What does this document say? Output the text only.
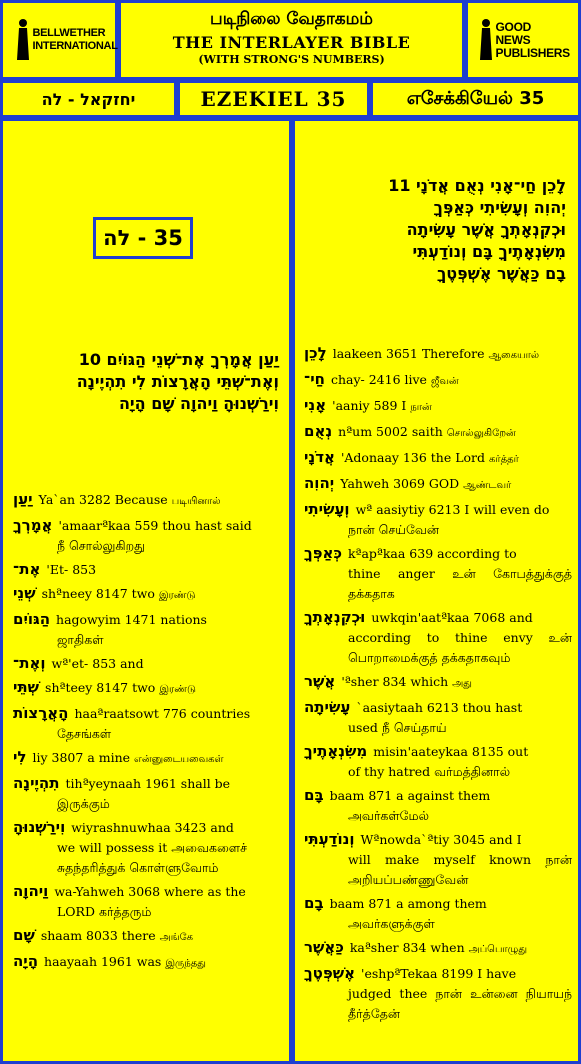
BELLWETHER INTERNATIONAL
படிநிலை வேதாகமம்
THE INTERLAYER BIBLE
(WITH STRONG'S NUMBERS)
GOOD NEWS PUBLISHERS
יחזקאל - לה	EZEKIEL 35	எசேக்கியேல் 35
35 - לה
יַעַן אֲמָרְךָ אֶת־שְׁנֵי הַגּוֹיִם 10
וְאֶת־שְׁתֵּי הָאֲרָצוֹת לִי תִהְיֶינָה
וִירַשְׁנוּהָ וַיהוָה שָׁם הָיָה
יַעַן Ya`an 3282 Because படியினால்
אֲמָרְךָ 'amaarªkaa 559 thou hast said
நீ சொல்லுகிறது
אֶת־ 'Et- 853
שְׁנֵי shªneey 8147 two இரண்டு
הַגּוֹיִם hagowyim 1471 nations
ஜாதிகள்
וְאֶת־ wª'et- 853 and
שְׁתֵּי shªteey 8147 two இரண்டு
הָאֲרָצוֹת haaªraatsowt 776 countries
தேசங்கள்
לִי liy 3807 a mine என்னுடையவைகள்
תִהְיֶינָה tihªyeynaah 1961 shall be
இருக்கும்
וִירַשְׁנוּהָ wiyrashnuwhaa 3423 and
we will possess it அவைகளைச் சுதந்தரித்துக் கொள்ளுவோம்
וַיהוָה wa-Yahweh 3068 where as the
LORD கர்த்தரும்
שָׁם shaam 8033 there அங்கே
הָיָה haayaah 1961 was இருந்தது
לָכֵן חַי־אָנִי נְאֻם אֲדֹנָי 11
יְהוִה וְעָשִׂיתִי כְּאַפְּךָ
וּכְקִנְאָתְךָ אֲשֶׁר עָשִׂיתָה
מִשִּׂנְאָתֶיךָ בָּם וְנוֹדַעְתִּי
בָם כַּאֲשֶׁר אֶשְׁפְּטֶךָ
לָכֵן laakeen 3651 Therefore ஆகையால்
חַי־ chay- 2416 live ஜீவன்
אָנִי 'aaniy 589 I நான்
נְאֻם nªum 5002 saith சொல்லுகிறேன்
אֲדֹנָי 'Adonaay 136 the Lord கர்த்தர்
יְהוִה Yahweh 3069 GOD ஆண்டவர்
וְעָשִׂיתִי wª aasiytiy 6213 I will even do
நான் செய்வேன்
כְּאַפְּךָ kªapªkaa 639 according to
thine anger உன் கோபத்துக்குத் தக்கதாக
וּכְקִנְאָתְךָ uwkqin'aatªkaa 7068 and
according to thine envy உன் பொறாமைக்குத் தக்கதாகவும்
אֲשֶׁר 'ªsher 834 which அது
עָשִׂיתָה `aasiytaah 6213 thou hast
used நீ செய்தாய்
מִשִּׂנְאָתֶיךָ misin'aateykaa 8135 out
of thy hatred வர்மத்தினால்
בָּם baam 871 a against them
அவர்கள்மேல்
וְנוֹדַעְתִּי Wªnowda`ªtiy 3045 and I
will make myself known நான் அறியப்பண்ணுவேன்
בָם baam 871 a among them
அவர்களுக்குள்
כַּאֲשֶׁר kaªsher 834 when அப்பொழுது
אֶשְׁפְּטֶךָ 'eshpªTekaa 8199 I have
judged thee நான் உன்னை நியாயந் தீர்த்தேன்
